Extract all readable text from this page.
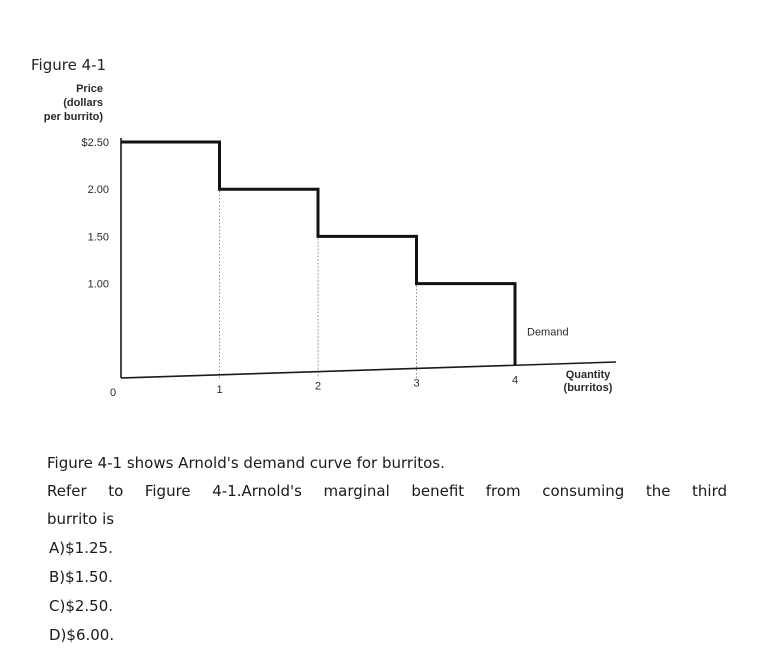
Figure 4-1
Price
(dollars
per burrito)
1.00
1.50
2.00
$2.50
0	1	2	3	4
Demand
Quantity
(burritos)
Figure 4-1 shows Arnold's demand curve for burritos.
Refer to Figure 4-1.Arnold's marginal benefit from consuming the third
burrito is
A)$1.25.
B)$1.50.
C)$2.50.
D)$6.00.
